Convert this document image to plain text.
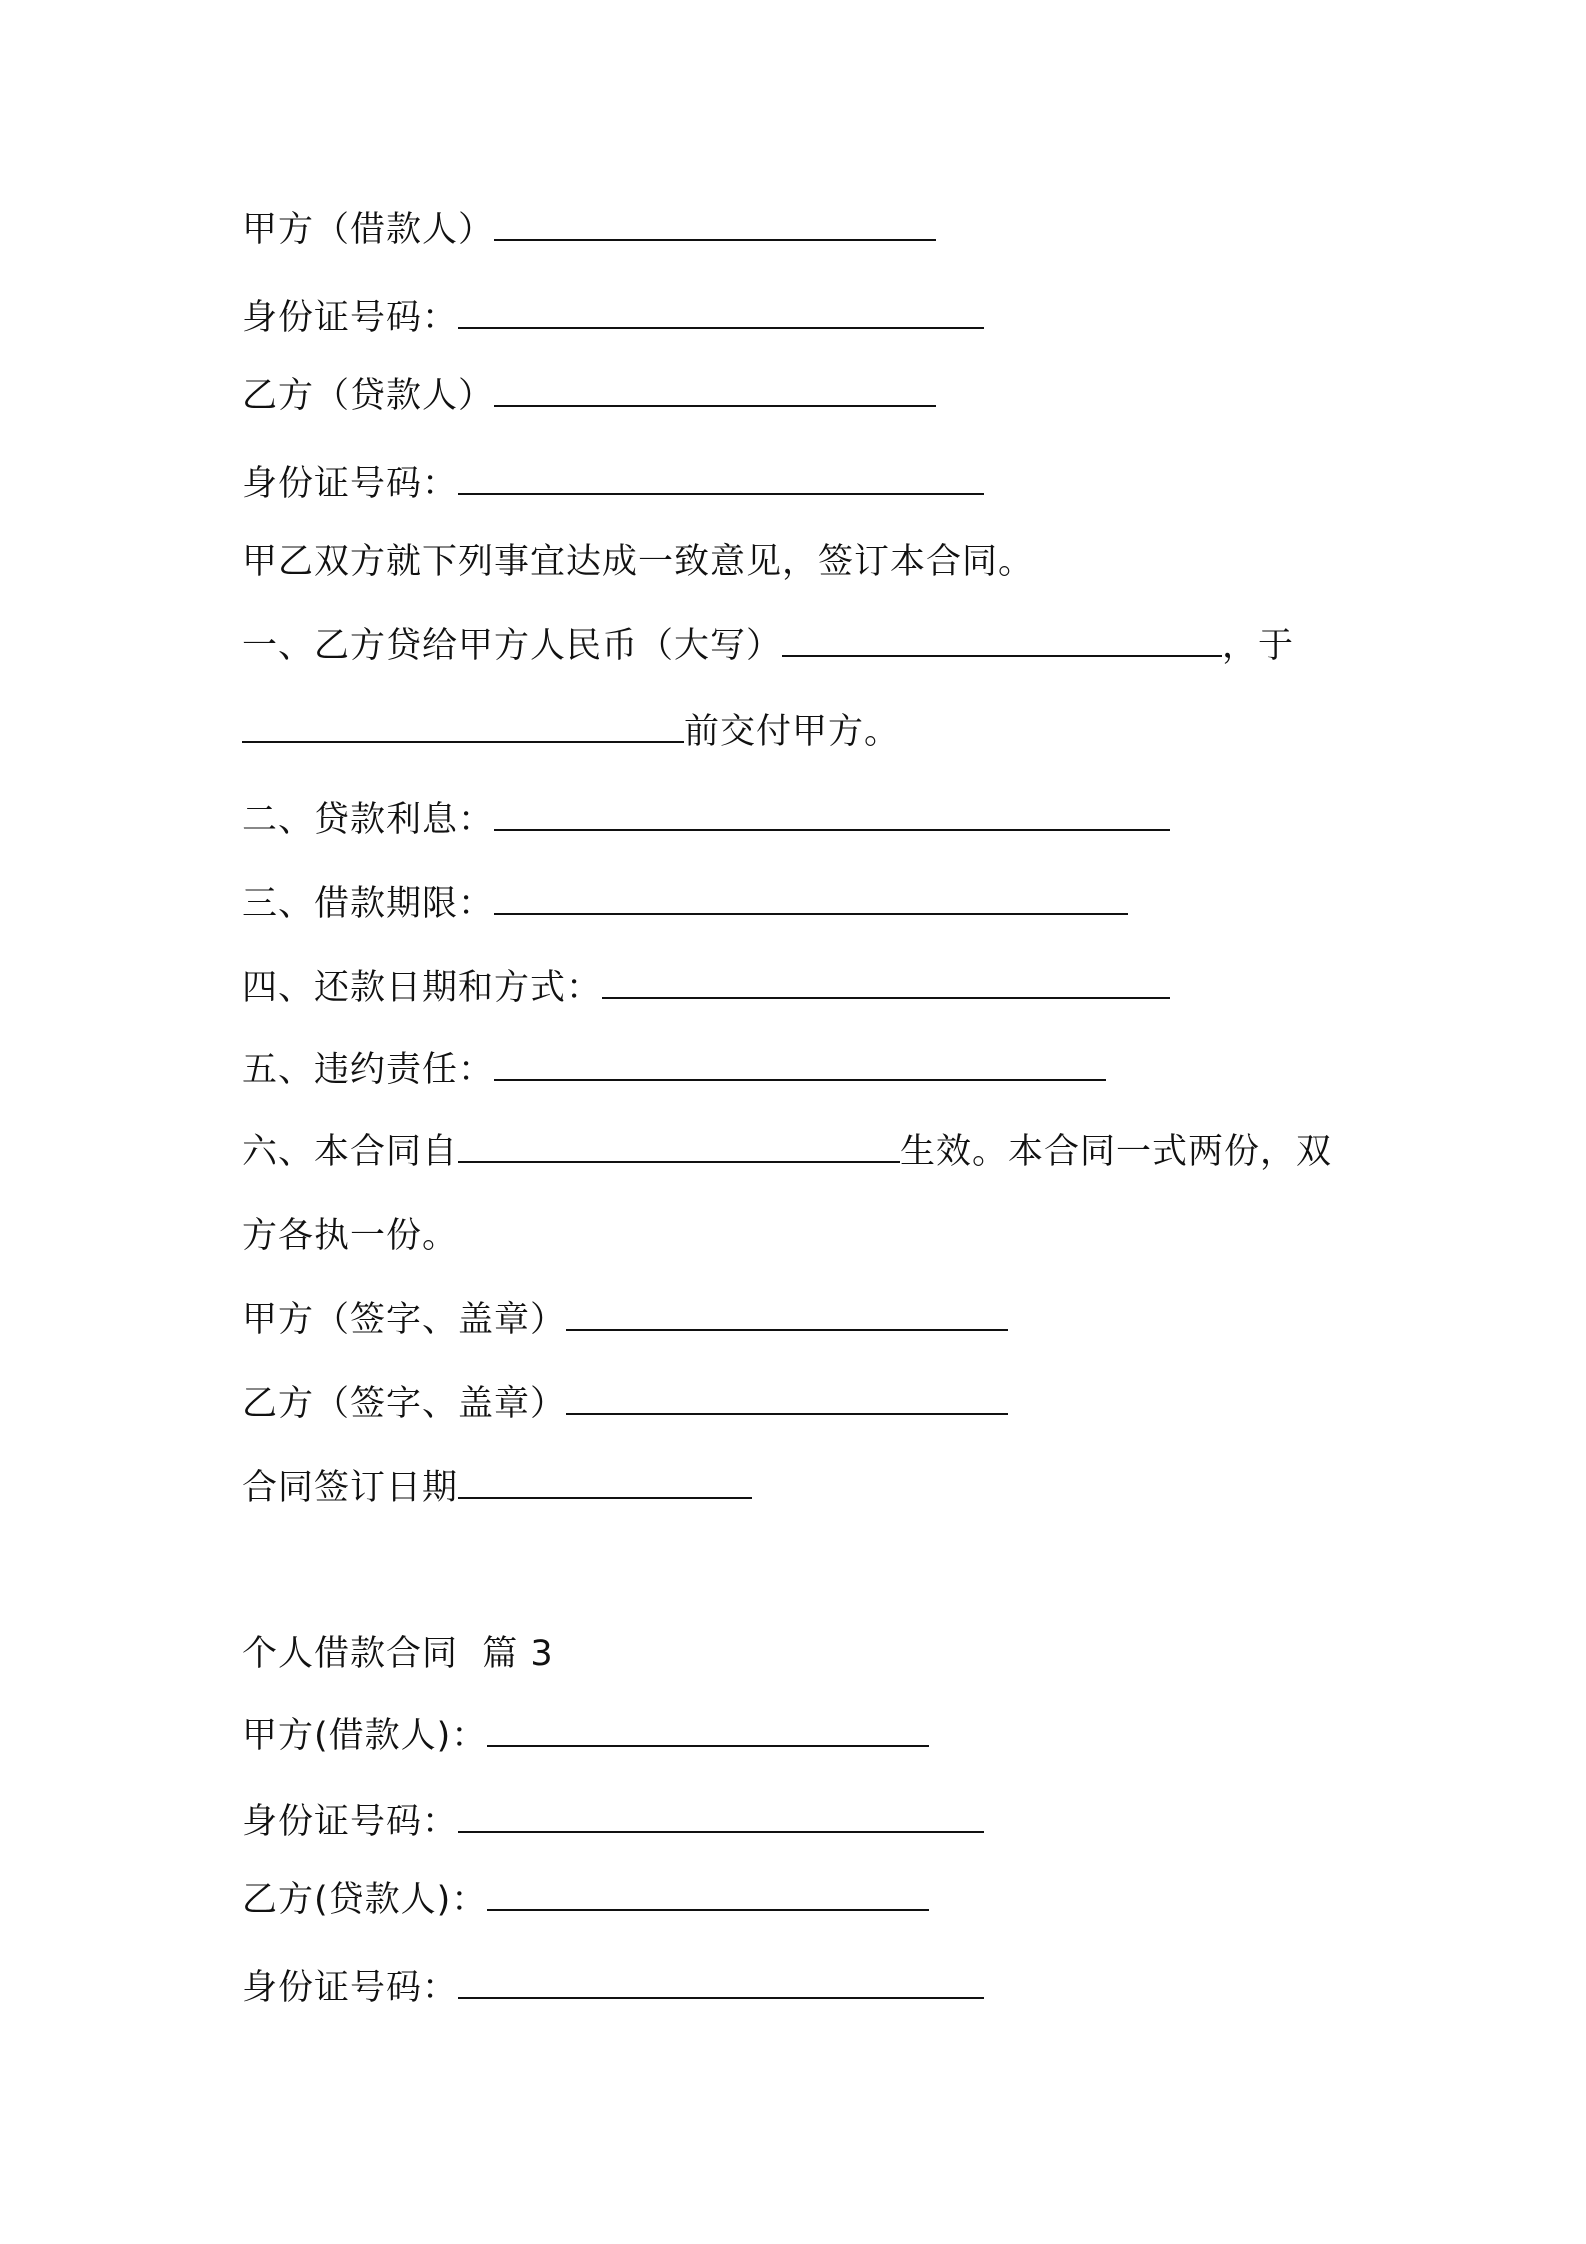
甲方（借款人）
身份证号码：
乙方（贷款人）
身份证号码：
甲乙双方就下列事宜达成一致意见，签订本合同。
一、乙方贷给甲方人民币（大写）	，于
前交付甲方。
二、贷款利息：
三、借款期限：
四、还款日期和方式：
五、违约责任：
六、本合同自	生效。本合同一式两份，双
方各执一份。
甲方（签字、盖章）
乙方（签字、盖章）
合同签订日期
个人借款合同  篇 3
甲方(借款人)：
身份证号码：
乙方(贷款人)：
身份证号码：
